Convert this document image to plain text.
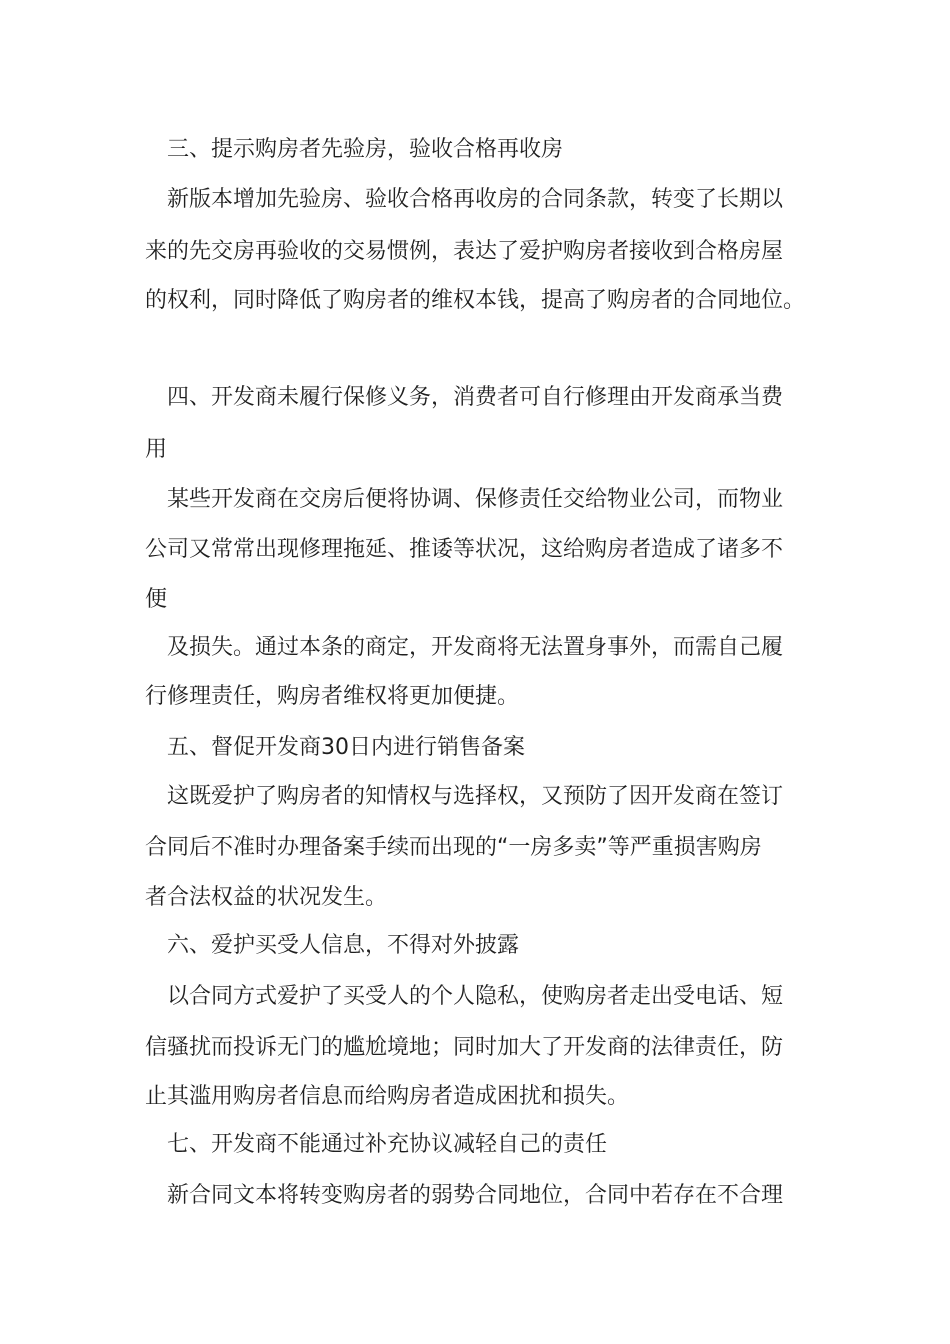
三、提示购房者先验房，验收合格再收房
新版本增加先验房、验收合格再收房的合同条款，转变了长期以
来的先交房再验收的交易惯例，表达了爱护购房者接收到合格房屋
的权利，同时降低了购房者的维权本钱，提高了购房者的合同地位。
四、开发商未履行保修义务，消费者可自行修理由开发商承当费
用
某些开发商在交房后便将协调、保修责任交给物业公司，而物业
公司又常常出现修理拖延、推诿等状况，这给购房者造成了诸多不
便
及损失。通过本条的商定，开发商将无法置身事外，而需自己履
行修理责任，购房者维权将更加便捷。
五、督促开发商30日内进行销售备案
这既爱护了购房者的知情权与选择权，又预防了因开发商在签订
合同后不准时办理备案手续而出现的“一房多卖”等严重损害购房
者合法权益的状况发生。
六、爱护买受人信息，不得对外披露
以合同方式爱护了买受人的个人隐私，使购房者走出受电话、短
信骚扰而投诉无门的尴尬境地；同时加大了开发商的法律责任，防
止其滥用购房者信息而给购房者造成困扰和损失。
七、开发商不能通过补充协议减轻自己的责任
新合同文本将转变购房者的弱势合同地位，合同中若存在不合理
